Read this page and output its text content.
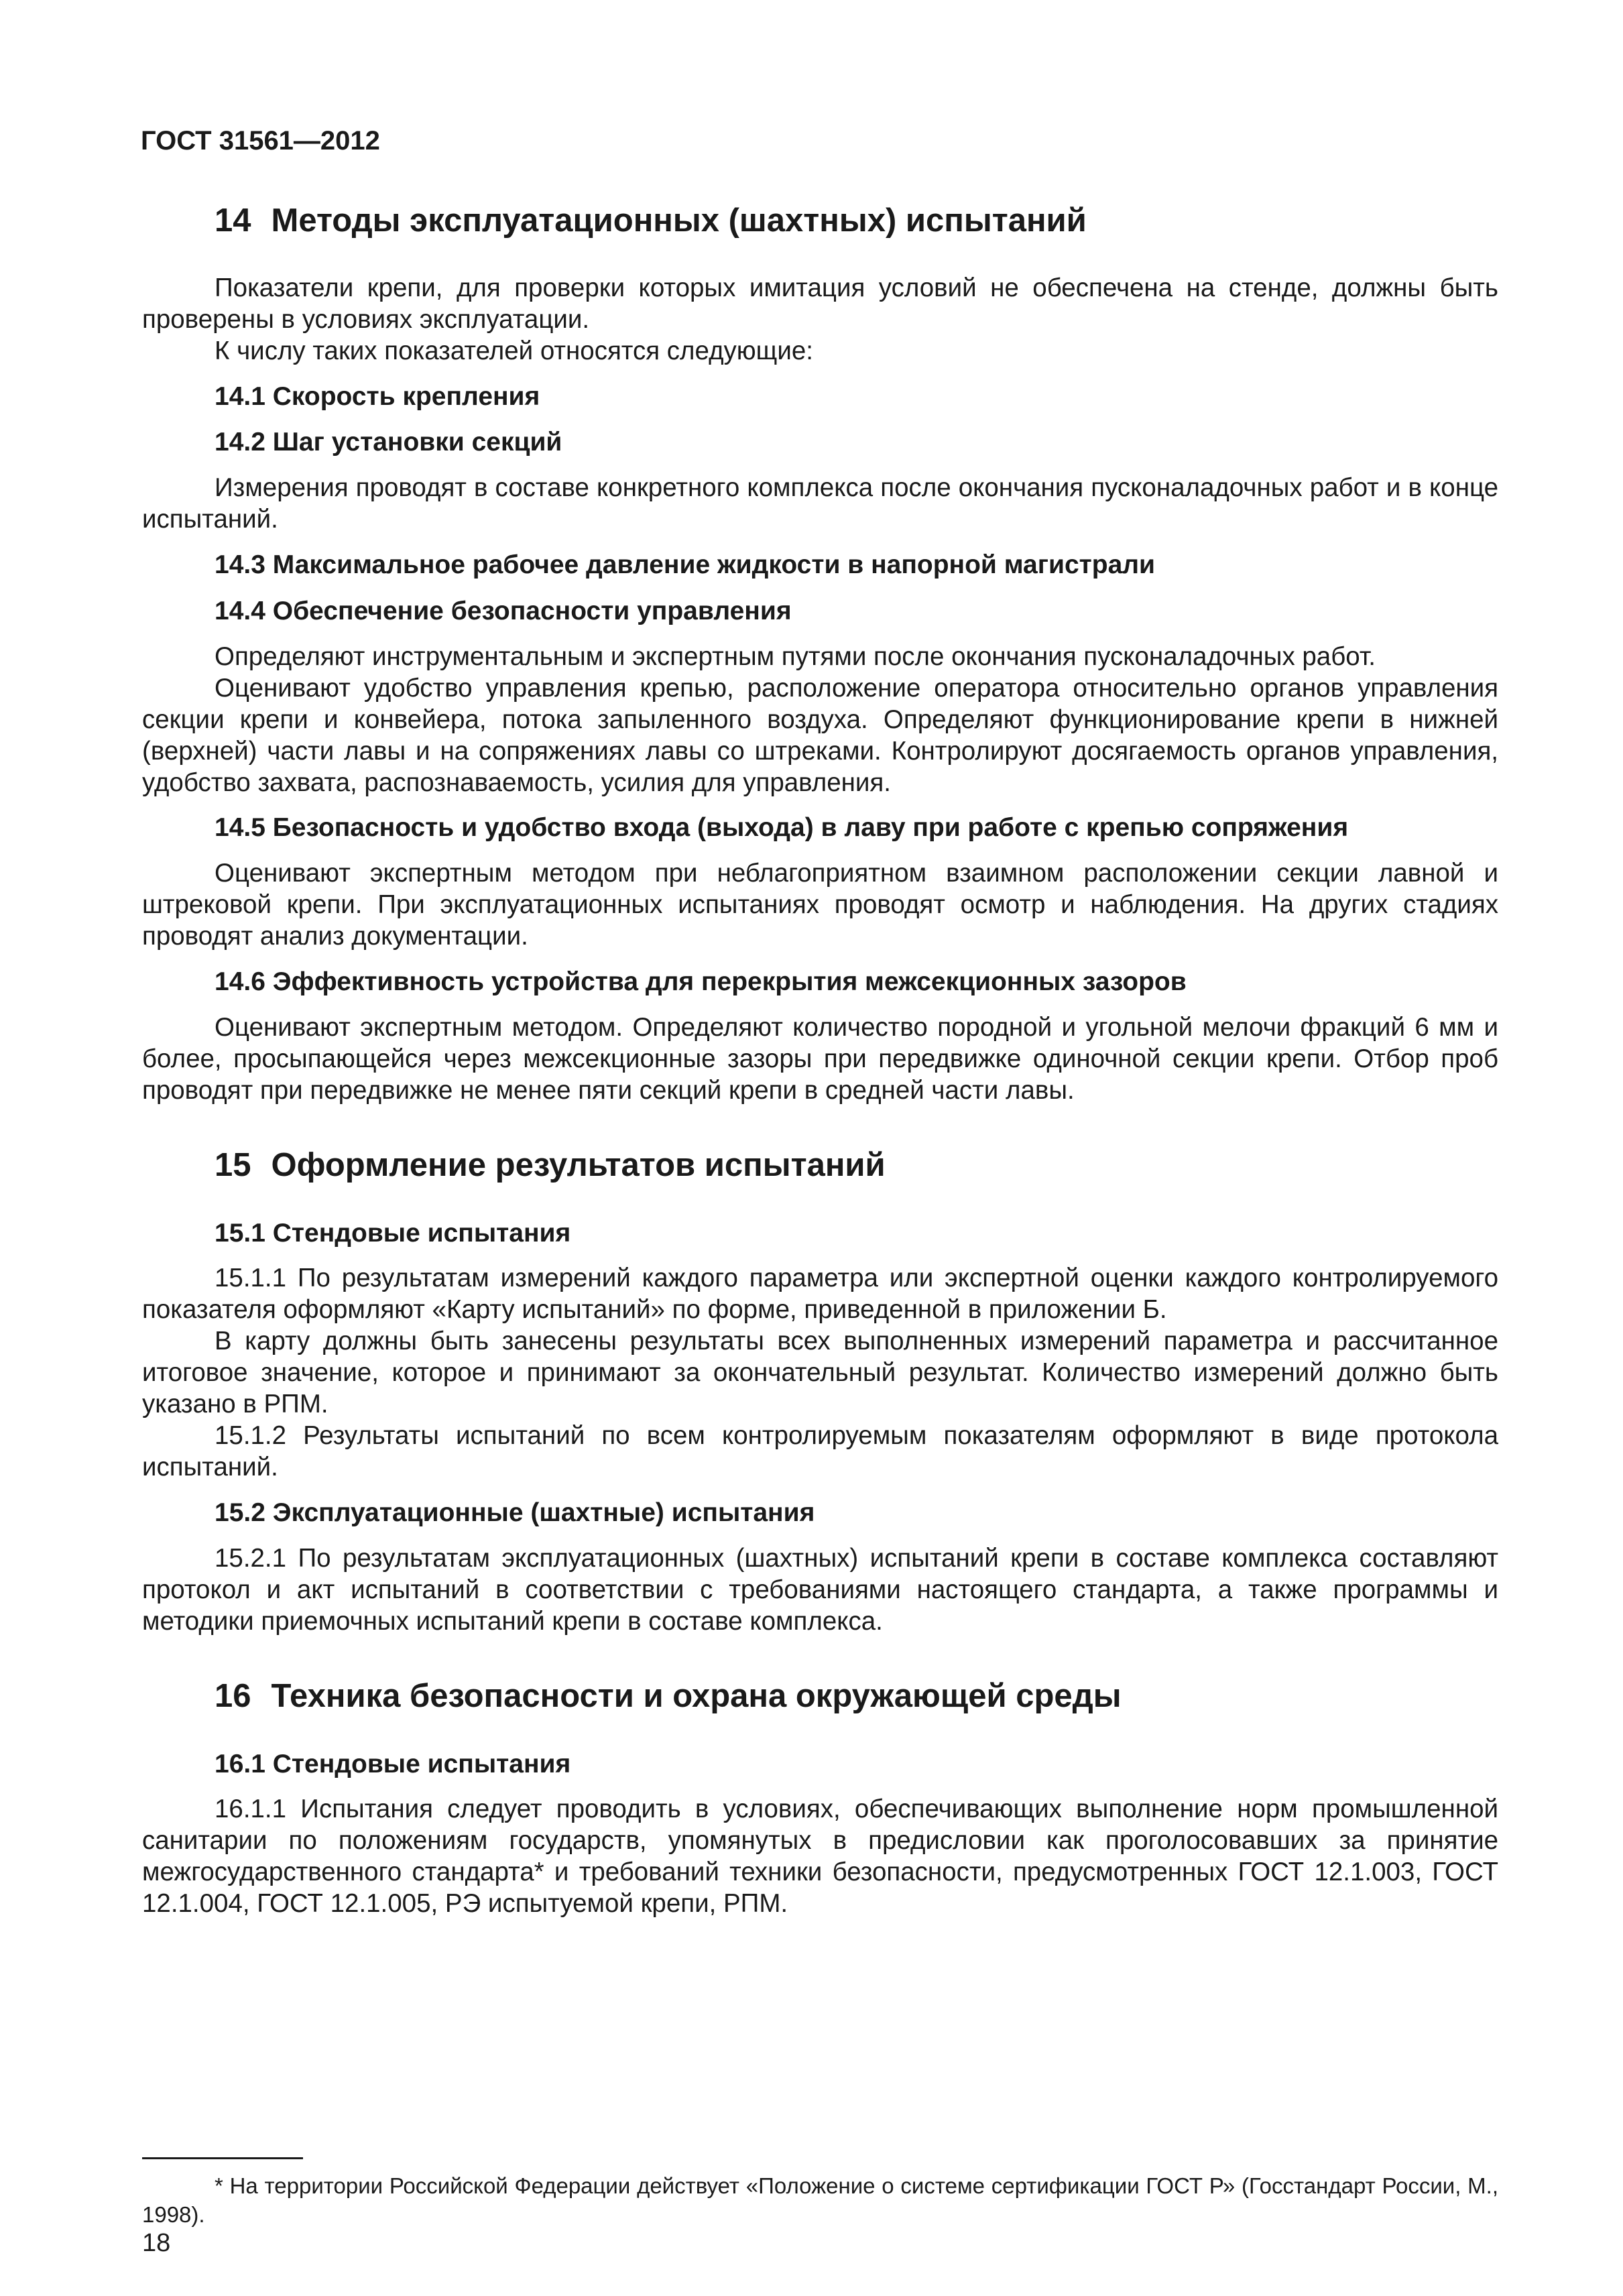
ГОСТ 31561—2012
14 Методы эксплуатационных (шахтных) испытаний

Показатели крепи, для проверки которых имитация условий не обеспечена на стенде, должны быть проверены в условиях эксплуатации.

К числу таких показателей относятся следующие:

14.1 Скорость крепления
14.2 Шаг установки секций

Измерения проводят в составе конкретного комплекса после окончания пусконаладочных работ и в конце испытаний.

14.3 Максимальное рабочее давление жидкости в напорной магистрали
14.4 Обеспечение безопасности управления

Определяют инструментальным и экспертным путями после окончания пусконаладочных работ.

Оценивают удобство управления крепью, расположение оператора относительно органов управления секции крепи и конвейера, потока запыленного воздуха. Определяют функционирование крепи в нижней (верхней) части лавы и на сопряжениях лавы со штреками. Контролируют досягаемость органов управления, удобство захвата, распознаваемость, усилия для управления.

14.5 Безопасность и удобство входа (выхода) в лаву при работе с крепью сопряжения

Оценивают экспертным методом при неблагоприятном взаимном расположении секции лавной и штрековой крепи. При эксплуатационных испытаниях проводят осмотр и наблюдения. На других стадиях проводят анализ документации.

14.6 Эффективность устройства для перекрытия межсекционных зазоров

Оценивают экспертным методом. Определяют количество породной и угольной мелочи фракций 6 мм и более, просыпающейся через межсекционные зазоры при передвижке одиночной секции крепи. Отбор проб проводят при передвижке не менее пяти секций крепи в средней части лавы.

15 Оформление результатов испытаний
15.1 Стендовые испытания

15.1.1 По результатам измерений каждого параметра или экспертной оценки каждого контролируемого показателя оформляют «Карту испытаний» по форме, приведенной в приложении Б.

В карту должны быть занесены результаты всех выполненных измерений параметра и рассчитанное итоговое значение, которое и принимают за окончательный результат. Количество измерений должно быть указано в РПМ.

15.1.2 Результаты испытаний по всем контролируемым показателям оформляют в виде протокола испытаний.

15.2 Эксплуатационные (шахтные) испытания

15.2.1 По результатам эксплуатационных (шахтных) испытаний крепи в составе комплекса составляют протокол и акт испытаний в соответствии с требованиями настоящего стандарта, а также программы и методики приемочных испытаний крепи в составе комплекса.

16 Техника безопасности и охрана окружающей среды
16.1 Стендовые испытания

16.1.1 Испытания следует проводить в условиях, обеспечивающих выполнение норм промышленной санитарии по положениям государств, упомянутых в предисловии как проголосовавших за принятие межгосударственного стандарта* и требований техники безопасности, предусмотренных ГОСТ 12.1.003, ГОСТ 12.1.004, ГОСТ 12.1.005, РЭ испытуемой крепи, РПМ.

* На территории Российской Федерации действует «Положение о системе сертификации ГОСТ Р» (Госстандарт России, М., 1998).

18
